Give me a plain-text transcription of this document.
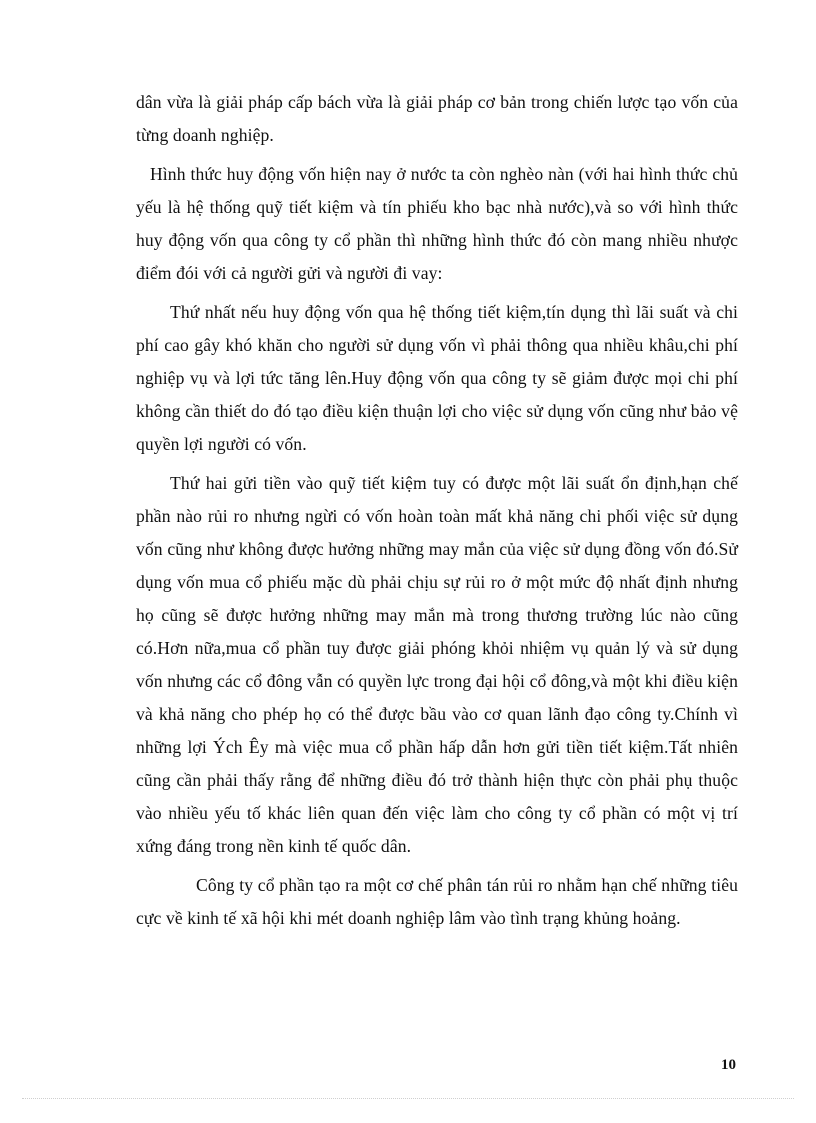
dân vừa là giải pháp cấp bách vừa là giải pháp cơ bản trong chiến lược tạo vốn của từng doanh nghiệp.

Hình thức huy động vốn hiện nay ở nước ta còn nghèo nàn (với hai hình thức chủ yếu là hệ thống quỹ tiết kiệm và tín phiếu kho bạc nhà nước),và so với hình thức huy động vốn qua công ty cổ phần thì những hình thức đó còn mang nhiều nhược điểm đói với cả người gửi và người đi vay:

Thứ nhất nếu huy động vốn qua hệ thống tiết kiệm,tín dụng thì lãi suất và chi phí cao gây khó khăn cho người sử dụng vốn vì phải thông qua nhiều khâu,chi phí nghiệp vụ và lợi tức tăng lên.Huy động vốn qua công ty sẽ giảm được mọi chi phí không cần thiết do đó tạo điều kiện thuận lợi cho việc sử dụng vốn cũng như bảo vệ quyền lợi người có vốn.

Thứ hai gửi tiền vào quỹ tiết kiệm tuy có được một lãi suất ổn định,hạn chế phần nào rủi ro nhưng ngừi có vốn hoàn toàn mất khả năng chi phối việc sử dụng vốn cũng như không được hưởng những may mắn của việc sử dụng đồng vốn đó.Sử dụng vốn mua cổ phiếu mặc dù phải chịu sự rủi ro ở một mức độ nhất định nhưng họ cũng sẽ được hưởng những may mắn mà trong thương trường lúc nào cũng có.Hơn nữa,mua cổ phần tuy được giải phóng khỏi nhiệm vụ quản lý và sử dụng vốn nhưng các cổ đông vẫn có quyền lực trong đại hội cổ đông,và một khi điều kiện và khả năng cho phép họ có thể được bầu vào cơ quan lãnh đạo công ty.Chính vì những lợi Ých Êy mà việc mua cổ phần hấp dẫn hơn gửi tiền tiết kiệm.Tất nhiên cũng cần phải thấy rằng để những điều đó trở thành hiện thực còn phải phụ thuộc vào nhiều yếu tố khác liên quan đến việc làm cho công ty cổ phần có một vị trí xứng đáng trong nền kinh tế quốc dân.

Công ty cổ phần tạo ra một cơ chế phân tán rủi ro nhằm hạn chế những tiêu cực về kinh tế xã hội khi mét doanh nghiệp lâm vào tình trạng khủng hoảng.

10
